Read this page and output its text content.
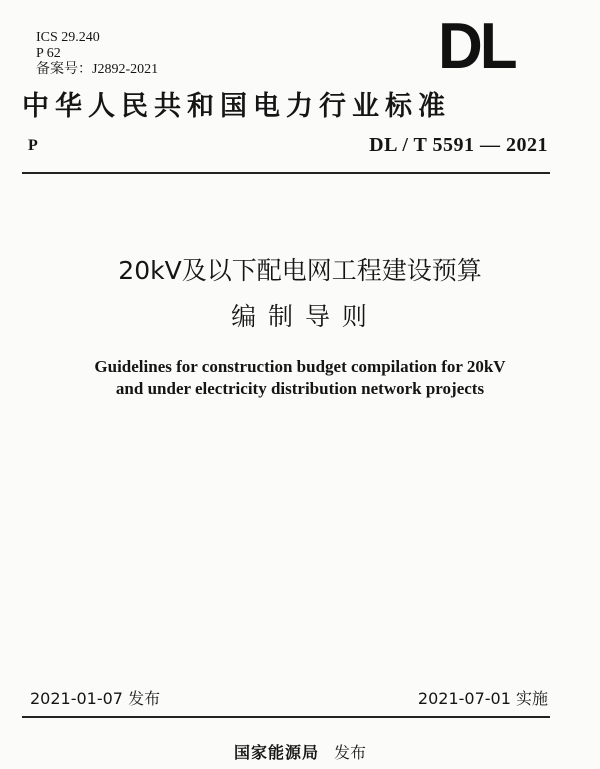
ICS 29.240
P 62
备案号：J2892-2021	DL
中华人民共和国电力行业标准
P	DL / T 5591 — 2021
20kV及以下配电网工程建设预算
编 制 导 则
Guidelines for construction budget compilation for 20kV
and under electricity distribution network projects
2021-01-07 发布	2021-07-01 实施
国家能源局 发布
